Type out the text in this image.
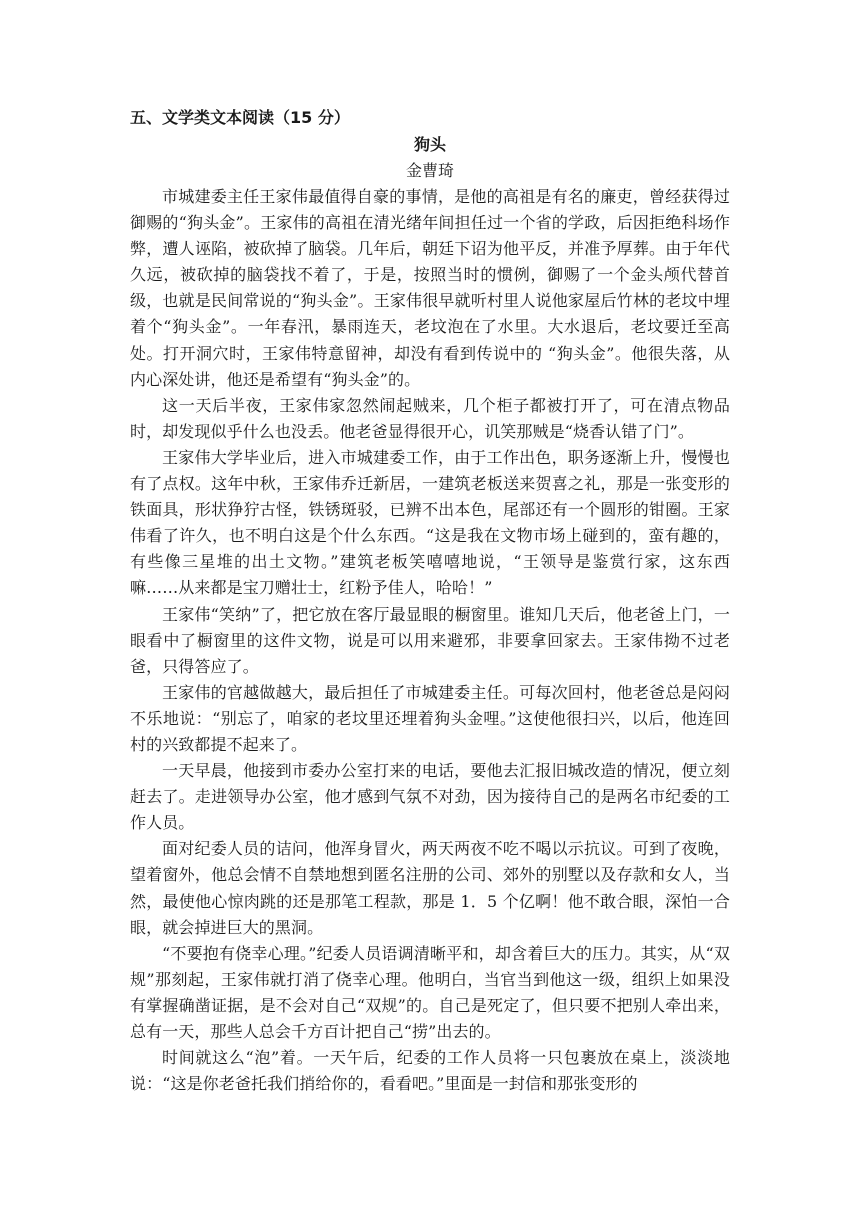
五、文学类文本阅读（15 分）

狗头

金曹琦

市城建委主任王家伟最值得自豪的事情，是他的高祖是有名的廉吏，曾经获得过御赐的“狗头金”。王家伟的高祖在清光绪年间担任过一个省的学政，后因拒绝科场作弊，遭人诬陷，被砍掉了脑袋。几年后，朝廷下诏为他平反，并准予厚葬。由于年代久远，被砍掉的脑袋找不着了，于是，按照当时的惯例，御赐了一个金头颅代替首级，也就是民间常说的“狗头金”。王家伟很早就听村里人说他家屋后竹林的老坟中埋着个“狗头金”。一年春汛，暴雨连天，老坟泡在了水里。大水退后，老坟要迁至高处。打开洞穴时，王家伟特意留神，却没有看到传说中的 “狗头金”。他很失落，从内心深处讲，他还是希望有“狗头金”的。

这一天后半夜，王家伟家忽然闹起贼来，几个柜子都被打开了，可在清点物品时，却发现似乎什么也没丢。他老爸显得很开心，讥笑那贼是“烧香认错了门”。

王家伟大学毕业后，进入市城建委工作，由于工作出色，职务逐渐上升，慢慢也有了点权。这年中秋，王家伟乔迁新居，一建筑老板送来贺喜之礼，那是一张变形的铁面具，形状狰狞古怪，铁锈斑驳，已辨不出本色，尾部还有一个圆形的钳圈。王家伟看了许久，也不明白这是个什么东西。“这是我在文物市场上碰到的，蛮有趣的，有些像三星堆的出土文物。”建筑老板笑嘻嘻地说，“王领导是鉴赏行家，这东西嘛……从来都是宝刀赠壮士，红粉予佳人，哈哈！”

王家伟“笑纳”了，把它放在客厅最显眼的橱窗里。谁知几天后，他老爸上门，一眼看中了橱窗里的这件文物，说是可以用来避邪，非要拿回家去。王家伟拗不过老爸，只得答应了。

王家伟的官越做越大，最后担任了市城建委主任。可每次回村，他老爸总是闷闷不乐地说：“别忘了，咱家的老坟里还埋着狗头金哩。”这使他很扫兴，以后，他连回村的兴致都提不起来了。

一天早晨，他接到市委办公室打来的电话，要他去汇报旧城改造的情况，便立刻赶去了。走进领导办公室，他才感到气氛不对劲，因为接待自己的是两名市纪委的工作人员。

面对纪委人员的诘问，他浑身冒火，两天两夜不吃不喝以示抗议。可到了夜晚，望着窗外，他总会情不自禁地想到匿名注册的公司、郊外的别墅以及存款和女人，当然，最使他心惊肉跳的还是那笔工程款，那是 1．5 个亿啊！他不敢合眼，深怕一合眼，就会掉进巨大的黑洞。

“不要抱有侥幸心理。”纪委人员语调清晰平和，却含着巨大的压力。其实，从“双规”那刻起，王家伟就打消了侥幸心理。他明白，当官当到他这一级，组织上如果没有掌握确凿证据，是不会对自己“双规”的。自己是死定了，但只要不把别人牵出来，总有一天，那些人总会千方百计把自己“捞”出去的。

时间就这么“泡”着。一天午后，纪委的工作人员将一只包裹放在桌上，淡淡地说：“这是你老爸托我们捎给你的，看看吧。”里面是一封信和那张变形的
